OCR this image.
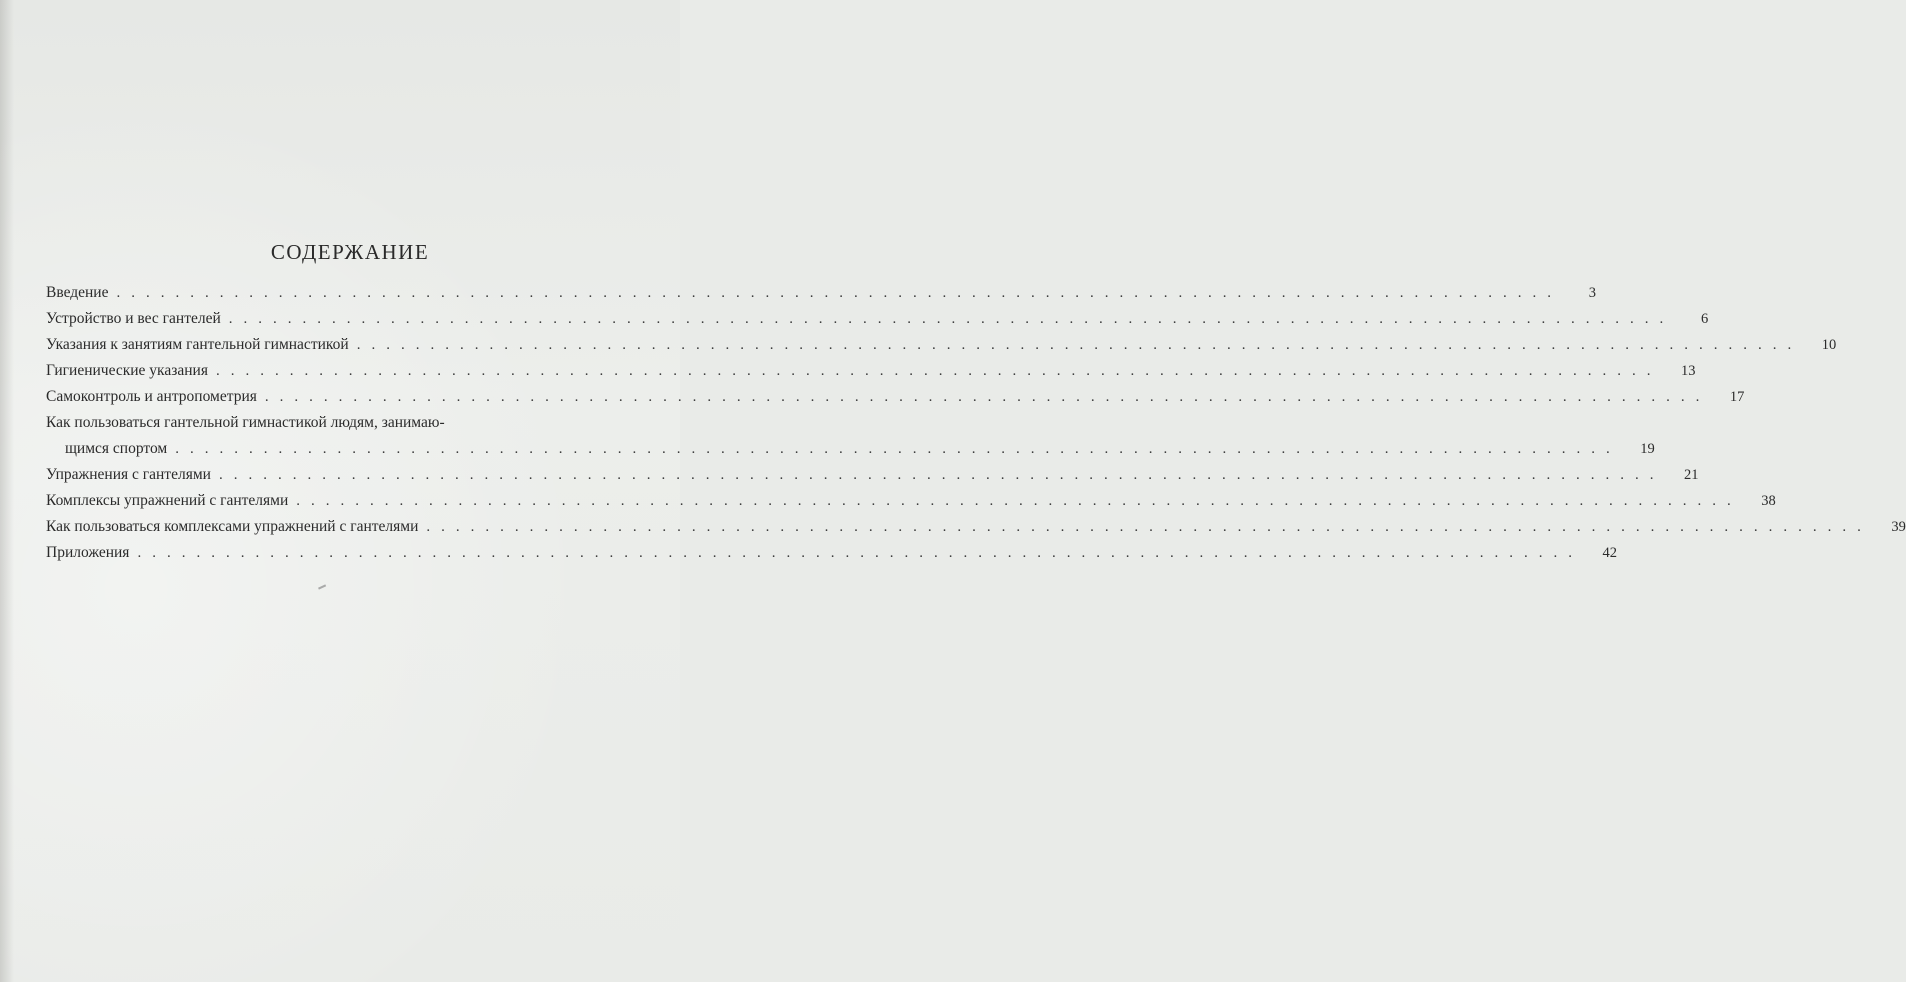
СОДЕРЖАНИЕ
Введение ..................................................................................................	3
Устройство и вес гантелей ..................................................................................................	6
Указания к занятиям гантельной гимнастикой ..................................................................................................	10
Гигиенические указания ..................................................................................................	13
Самоконтроль и антропометрия ..................................................................................................	17
Как пользоваться гантельной гимнастикой людям, занимаю-
щимся спортом ..................................................................................................	19
Упражнения с гантелями ..................................................................................................	21
Комплексы упражнений с гантелями ..................................................................................................	38
Как пользоваться комплексами упражнений с гантелями ..................................................................................................	39
Приложения ..................................................................................................	42
